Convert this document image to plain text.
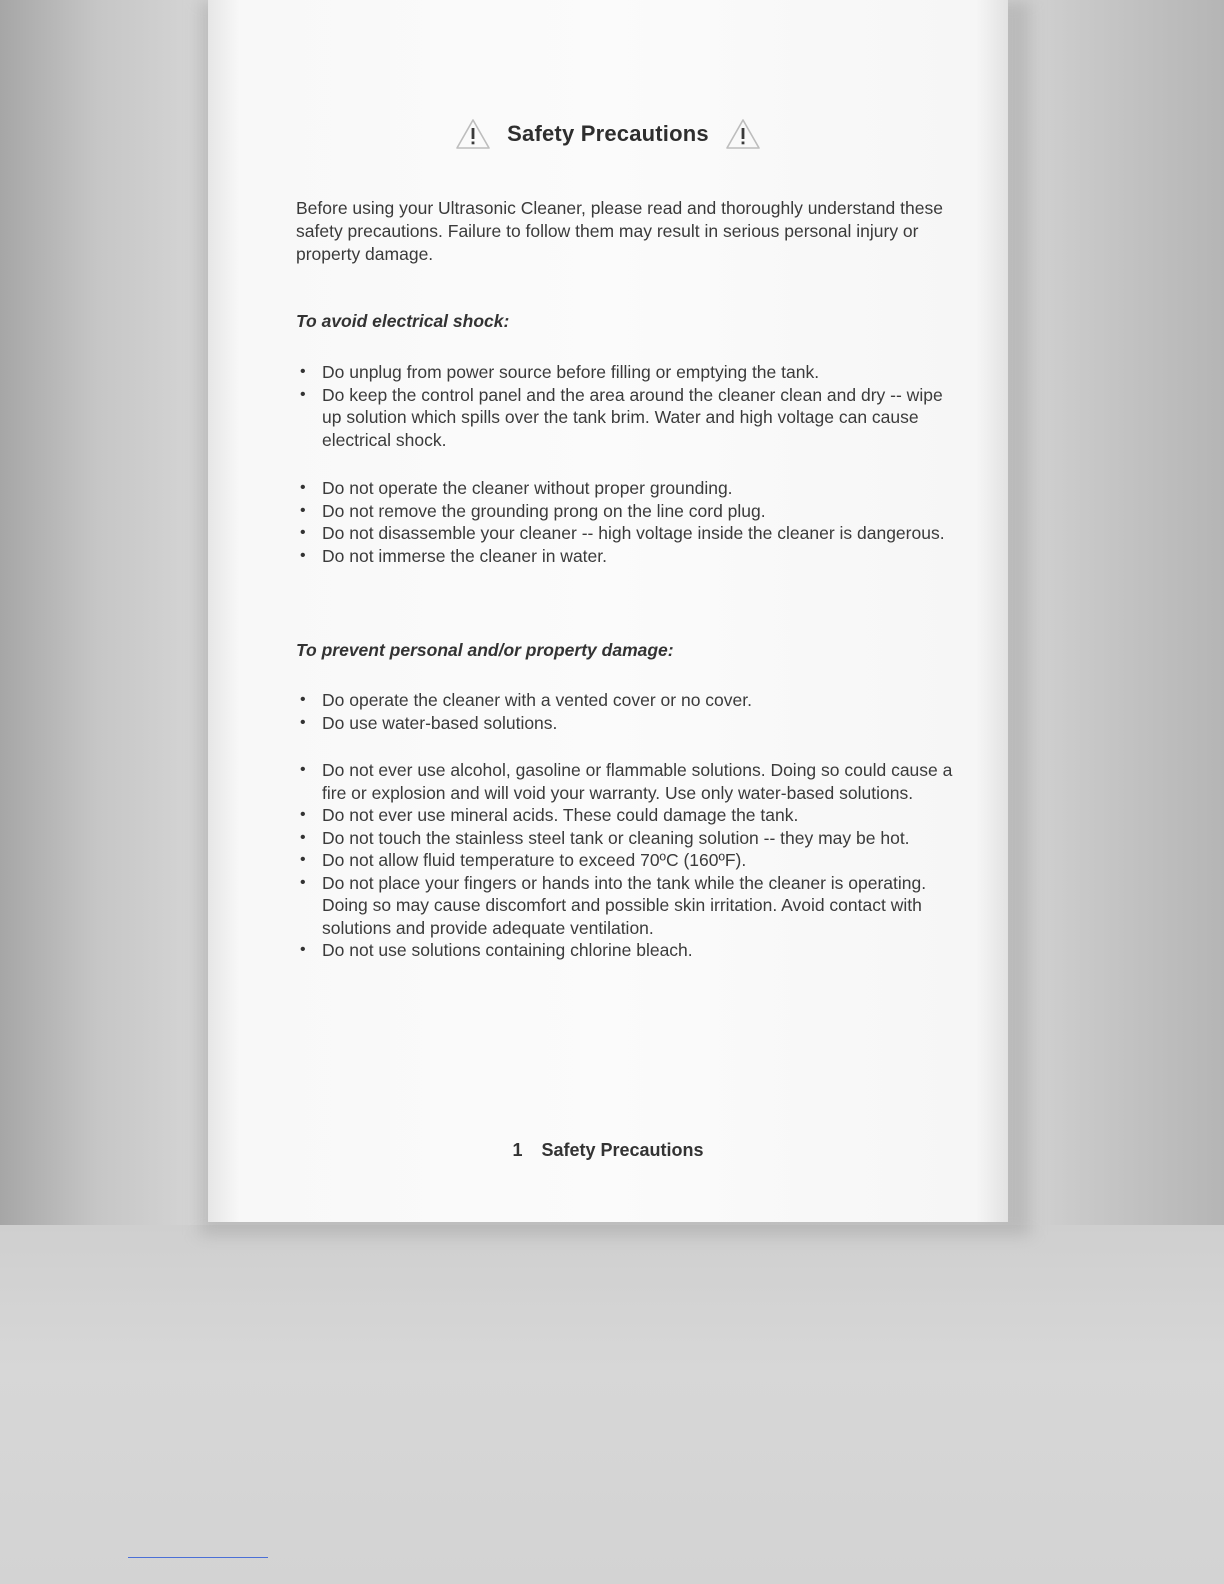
Safety Precautions

Before using your Ultrasonic Cleaner, please read and thoroughly understand these safety precautions. Failure to follow them may result in serious personal injury or property damage.

To avoid electrical shock:

• Do unplug from power source before filling or emptying the tank.
• Do keep the control panel and the area around the cleaner clean and dry -- wipe up solution which spills over the tank brim. Water and high voltage can cause electrical shock.
• Do not operate the cleaner without proper grounding.
• Do not remove the grounding prong on the line cord plug.
• Do not disassemble your cleaner -- high voltage inside the cleaner is dangerous.
• Do not immerse the cleaner in water.

To prevent personal and/or property damage:

• Do operate the cleaner with a vented cover or no cover.
• Do use water-based solutions.
• Do not ever use alcohol, gasoline or flammable solutions. Doing so could cause a fire or explosion and will void your warranty. Use only water-based solutions.
• Do not ever use mineral acids. These could damage the tank.
• Do not touch the stainless steel tank or cleaning solution -- they may be hot.
• Do not allow fluid temperature to exceed 70ºC (160ºF).
• Do not place your fingers or hands into the tank while the cleaner is operating. Doing so may cause discomfort and possible skin irritation. Avoid contact with solutions and provide adequate ventilation.
• Do not use solutions containing chlorine bleach.
1 Safety Precautions
